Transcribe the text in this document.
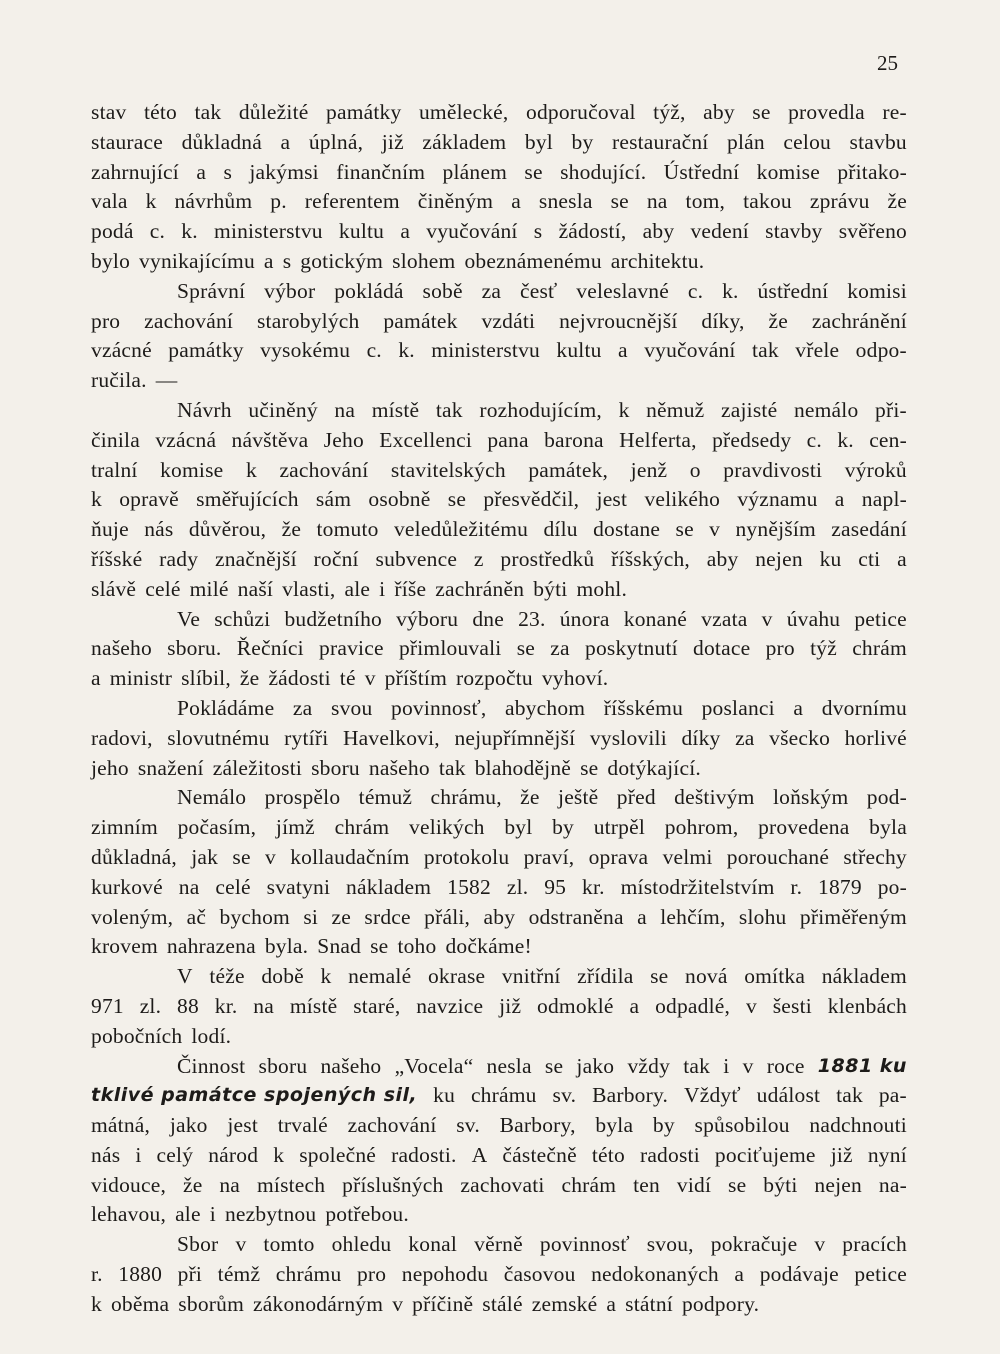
25
stav této tak důležité památky umělecké, odporučoval týž, aby se provedla re-
staurace důkladná a úplná, již základem byl by restaurační plán celou stavbu
zahrnující a s jakýmsi finančním plánem se shodující. Ústřední komise přitako-
vala k návrhům p. referentem činěným a snesla se na tom, takou zprávu že
podá c. k. ministerstvu kultu a vyučování s žádostí, aby vedení stavby svěřeno
bylo vynikajícímu a s gotickým slohem obeznámenému architektu.
Správní výbor pokládá sobě za česť veleslavné c. k. ústřední komisi
pro zachování starobylých památek vzdáti nejvroucnější díky, že zachránění
vzácné památky vysokému c. k. ministerstvu kultu a vyučování tak vřele odpo-
ručila. —
Návrh učiněný na místě tak rozhodujícím, k němuž zajisté nemálo při-
činila vzácná návštěva Jeho Excellenci pana barona Helferta, předsedy c. k. cen-
tralní komise k zachování stavitelských památek, jenž o pravdivosti výroků
k opravě směřujících sám osobně se přesvědčil, jest velikého významu a napl-
ňuje nás důvěrou, že tomuto veledůležitému dílu dostane se v nynějším zasedání
říšské rady značnější roční subvence z prostředků říšských, aby nejen ku cti a
slávě celé milé naší vlasti, ale i říše zachráněn býti mohl.
Ve schůzi budžetního výboru dne 23. února konané vzata v úvahu petice
našeho sboru. Řečníci pravice přimlouvali se za poskytnutí dotace pro týž chrám
a ministr slíbil, že žádosti té v příštím rozpočtu vyhoví.
Pokládáme za svou povinnosť, abychom říšskému poslanci a dvornímu
radovi, slovutnému rytíři Havelkovi, nejupřímnější vyslovili díky za všecko horlivé
jeho snažení záležitosti sboru našeho tak blahodějně se dotýkající.
Nemálo prospělo témuž chrámu, že ještě před deštivým loňským pod-
zimním počasím, jímž chrám velikých byl by utrpěl pohrom, provedena byla
důkladná, jak se v kollaudačním protokolu praví, oprava velmi porouchané střechy
kurkové na celé svatyni nákladem 1582 zl. 95 kr. místodržitelstvím r. 1879 po-
voleným, ač bychom si ze srdce přáli, aby odstraněna a lehčím, slohu přiměřeným
krovem nahrazena byla. Snad se toho dočkáme!
V téže době k nemalé okrase vnitřní zřídila se nová omítka nákladem
971 zl. 88 kr. na místě staré, navzice již odmoklé a odpadlé, v šesti klenbách
pobočních lodí.
Činnost sboru našeho „Vocela“ nesla se jako vždy tak i v roce 1881 ku
tklivé památce spojených sil, ku chrámu sv. Barbory. Vždyť událost tak pa-
mátná, jako jest trvalé zachování sv. Barbory, byla by spůsobilou nadchnouti
nás i celý národ k společné radosti. A částečně této radosti pociťujeme již nyní
vidouce, že na místech příslušných zachovati chrám ten vidí se býti nejen na-
lehavou, ale i nezbytnou potřebou.
Sbor v tomto ohledu konal věrně povinnosť svou, pokračuje v pracích
r. 1880 při témž chrámu pro nepohodu časovou nedokonaných a podávaje petice
k oběma sborům zákonodárným v příčině stálé zemské a státní podpory.
